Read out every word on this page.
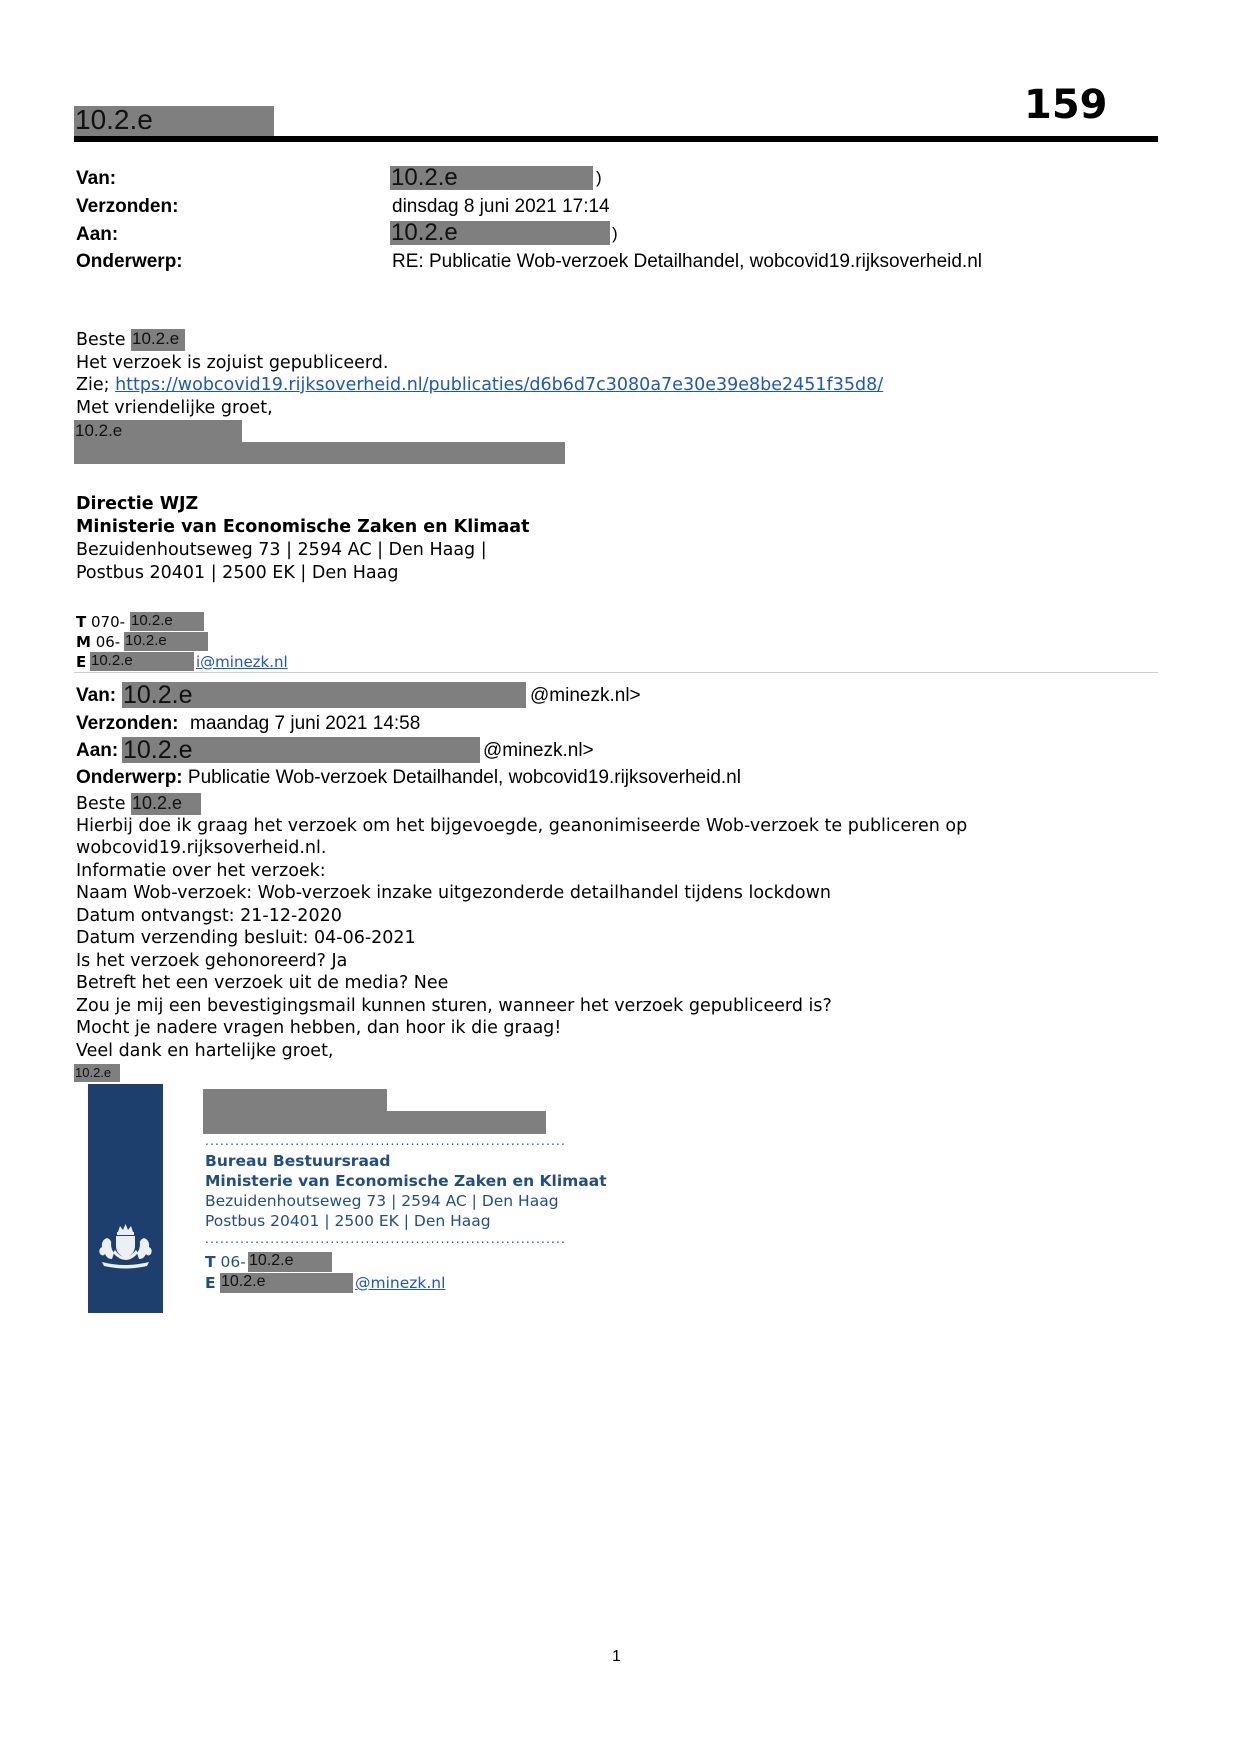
10.2.e	159
Van:	10.2.e	)
Verzonden:	dinsdag 8 juni 2021 17:14
Aan:	10.2.e	)
Onderwerp:	RE: Publicatie Wob-verzoek Detailhandel, wobcovid19.rijksoverheid.nl
Beste 10.2.e
Het verzoek is zojuist gepubliceerd.
Zie; https://wobcovid19.rijksoverheid.nl/publicaties/d6b6d7c3080a7e30e39e8be2451f35d8/
Met vriendelijke groet,
10.2.e
Directie WJZ
Ministerie van Economische Zaken en Klimaat
Bezuidenhoutseweg 73 | 2594 AC | Den Haag |
Postbus 20401 | 2500 EK | Den Haag
T 070- 10.2.e
M 06- 10.2.e
E 10.2.e	i@minezk.nl
Van: 10.2.e	@minezk.nl>
Verzonden: maandag 7 juni 2021 14:58
Aan: 10.2.e	@minezk.nl>
Onderwerp: Publicatie Wob-verzoek Detailhandel, wobcovid19.rijksoverheid.nl
Beste 10.2.e
Hierbij doe ik graag het verzoek om het bijgevoegde, geanonimiseerde Wob-verzoek te publiceren op
wobcovid19.rijksoverheid.nl.
Informatie over het verzoek:
Naam Wob-verzoek: Wob-verzoek inzake uitgezonderde detailhandel tijdens lockdown
Datum ontvangst: 21-12-2020
Datum verzending besluit: 04-06-2021
Is het verzoek gehonoreerd? Ja
Betreft het een verzoek uit de media? Nee
Zou je mij een bevestigingsmail kunnen sturen, wanneer het verzoek gepubliceerd is?
Mocht je nadere vragen hebben, dan hoor ik die graag!
Veel dank en hartelijke groet,
10.2.e
........................................................................
Bureau Bestuursraad
Ministerie van Economische Zaken en Klimaat
Bezuidenhoutseweg 73 | 2594 AC | Den Haag
Postbus 20401 | 2500 EK | Den Haag
........................................................................
T 06- 10.2.e
E 10.2.e	@minezk.nl
1
